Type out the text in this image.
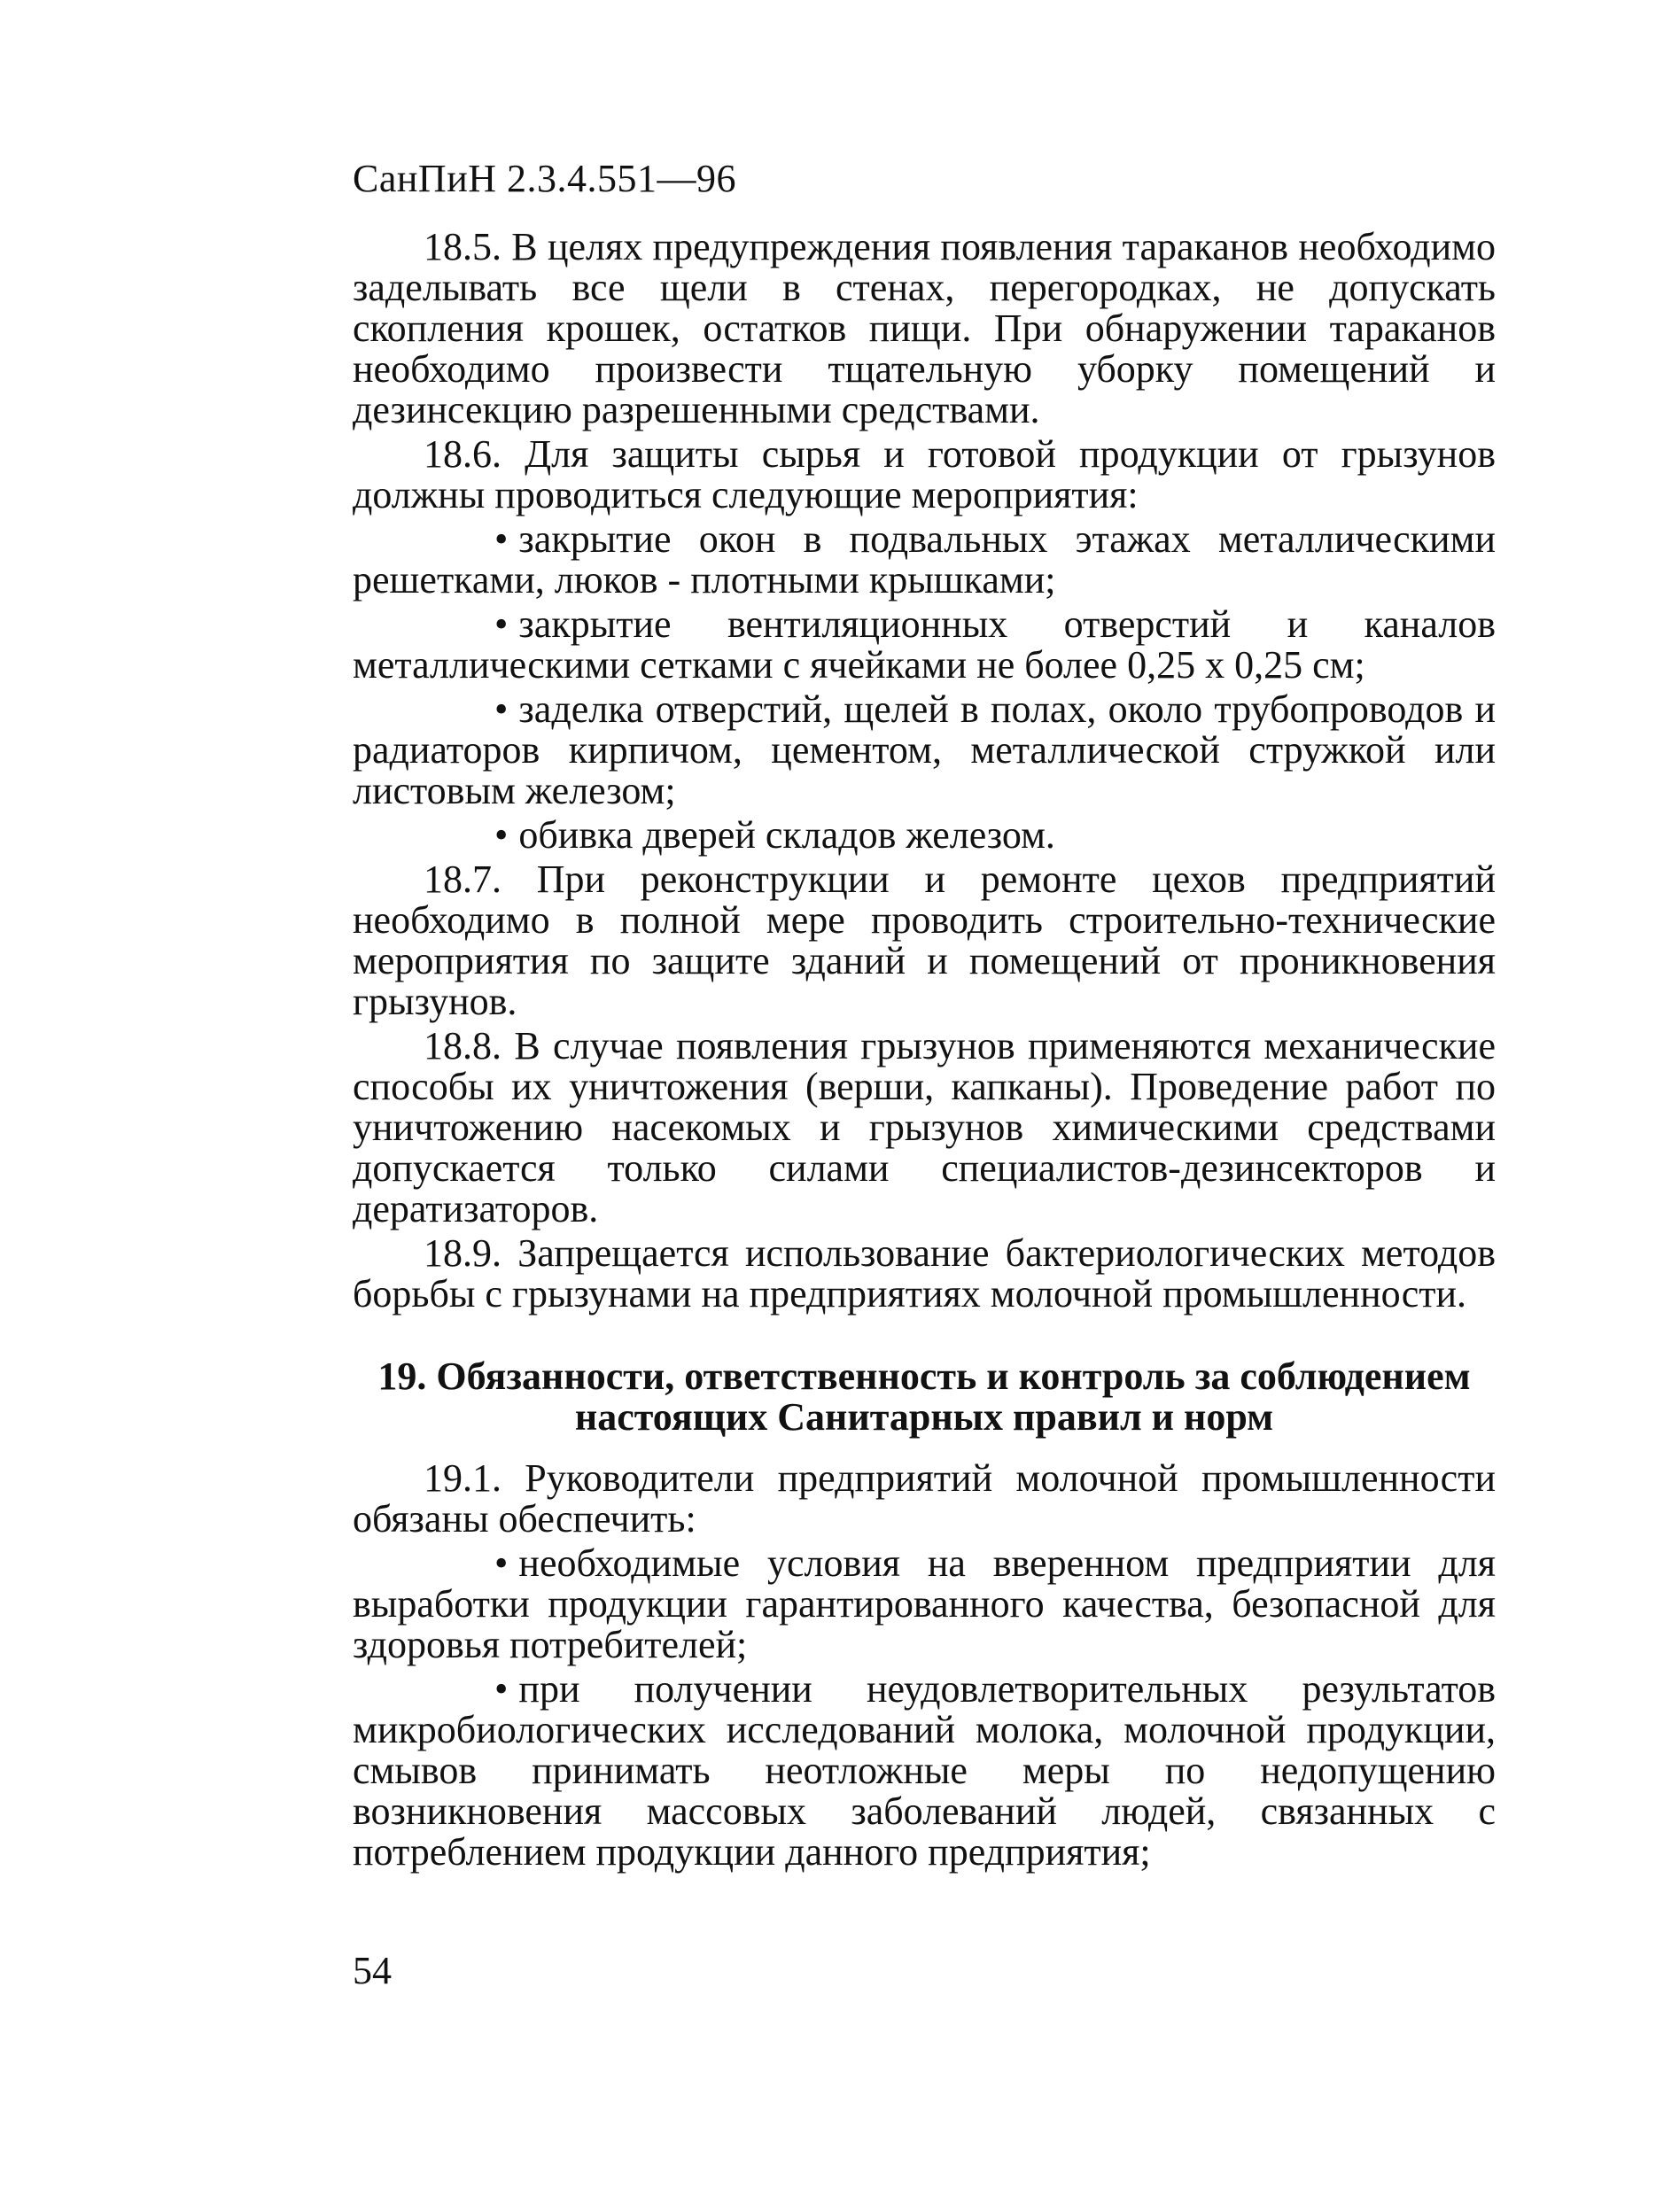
СанПиН 2.3.4.551—96

18.5. В целях предупреждения появления тараканов необходимо заделывать все щели в стенах, перегородках, не допускать скопления крошек, остатков пищи. При обнаружении тараканов необходимо произвести тщательную уборку помещений и дезинсекцию разрешенными средствами.

18.6. Для защиты сырья и готовой продукции от грызунов должны проводиться следующие мероприятия:

• закрытие окон в подвальных этажах металлическими решетками, люков - плотными крышками;

• закрытие вентиляционных отверстий и каналов металлическими сетками с ячейками не более 0,25 х 0,25 см;

• заделка отверстий, щелей в полах, около трубопроводов и радиаторов кирпичом, цементом, металлической стружкой или листовым железом;

• обивка дверей складов железом.

18.7. При реконструкции и ремонте цехов предприятий необходимо в полной мере проводить строительно-технические мероприятия по защите зданий и помещений от проникновения грызунов.

18.8. В случае появления грызунов применяются механические способы их уничтожения (верши, капканы). Проведение работ по уничтожению насекомых и грызунов химическими средствами допускается только силами специалистов-дезинсекторов и дератизаторов.

18.9. Запрещается использование бактериологических методов борьбы с грызунами на предприятиях молочной промышленности.

19. Обязанности, ответственность и контроль за соблюдением
настоящих Санитарных правил и норм

19.1. Руководители предприятий молочной промышленности обязаны обеспечить:

• необходимые условия на вверенном предприятии для выработки продукции гарантированного качества, безопасной для здоровья потребителей;

• при получении неудовлетворительных результатов микробиологических исследований молока, молочной продукции, смывов принимать неотложные меры по недопущению возникновения массовых заболеваний людей, связанных с потреблением продукции данного предприятия;

54
